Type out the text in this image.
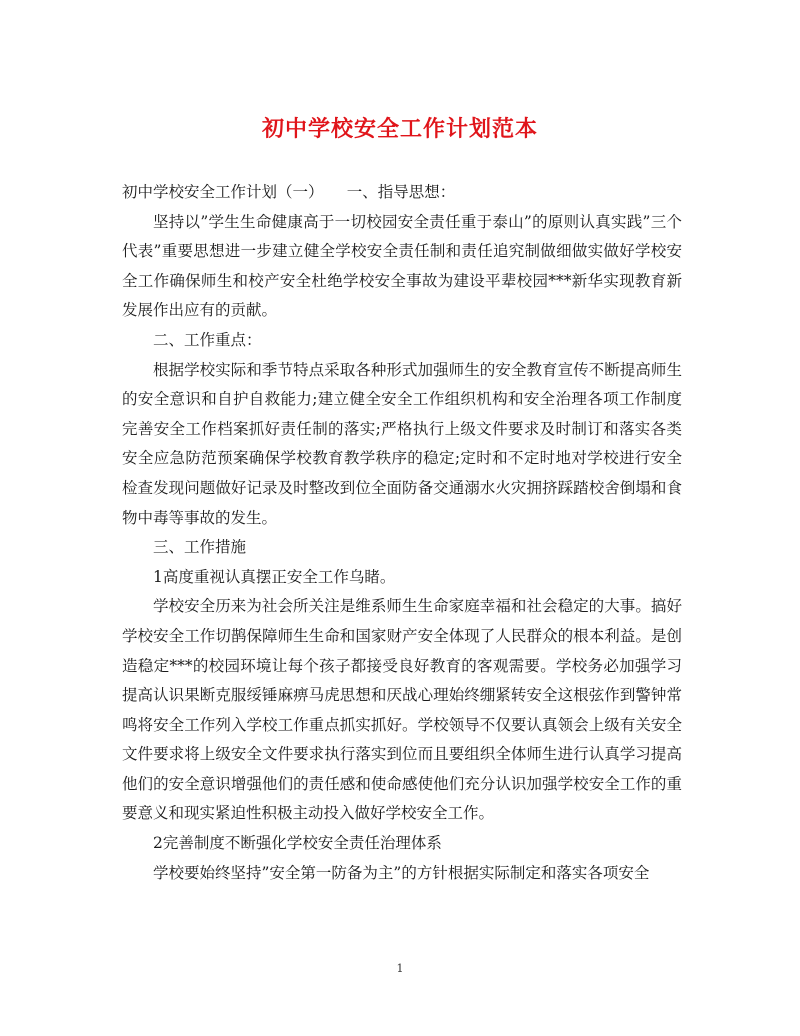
初中学校安全工作计划范本

初中学校安全工作计划（一）　　一、指导思想：

坚持以”学生生命健康高于一切校园安全责任重于泰山”的原则认真实践”三个代表”重要思想进一步建立健全学校安全责任制和责任追究制做细做实做好学校安全工作确保师生和校产安全杜绝学校安全事故为建设平辈校园***新华实现教育新发展作出应有的贡献。

二、工作重点：

根据学校实际和季节特点采取各种形式加强师生的安全教育宣传不断提高师生的安全意识和自护自救能力;建立健全安全工作组织机构和安全治理各项工作制度完善安全工作档案抓好责任制的落实;严格执行上级文件要求及时制订和落实各类安全应急防范预案确保学校教育教学秩序的稳定;定时和不定时地对学校进行安全检查发现问题做好记录及时整改到位全面防备交通溺水火灾拥挤踩踏校舍倒塌和食物中毒等事故的发生。

三、工作措施

1高度重视认真摆正安全工作乌睹。

学校安全历来为社会所关注是维系师生生命家庭幸福和社会稳定的大事。搞好学校安全工作切鹊保障师生生命和国家财产安全体现了人民群众的根本利益。是创造稳定***的校园环境让每个孩子都接受良好教育的客观需要。学校务必加强学习提高认识果断克服绥锤麻痹马虎思想和厌战心理始终绷紧转安全这根弦作到警钟常鸣将安全工作列入学校工作重点抓实抓好。学校领导不仅要认真领会上级有关安全文件要求将上级安全文件要求执行落实到位而且要组织全体师生进行认真学习提高他们的安全意识增强他们的责任感和使命感使他们充分认识加强学校安全工作的重要意义和现实紧迫性积极主动投入做好学校安全工作。

2完善制度不断强化学校安全责任治理体系

学校要始终坚持”安全第一防备为主”的方针根据实际制定和落实各项安全

1
